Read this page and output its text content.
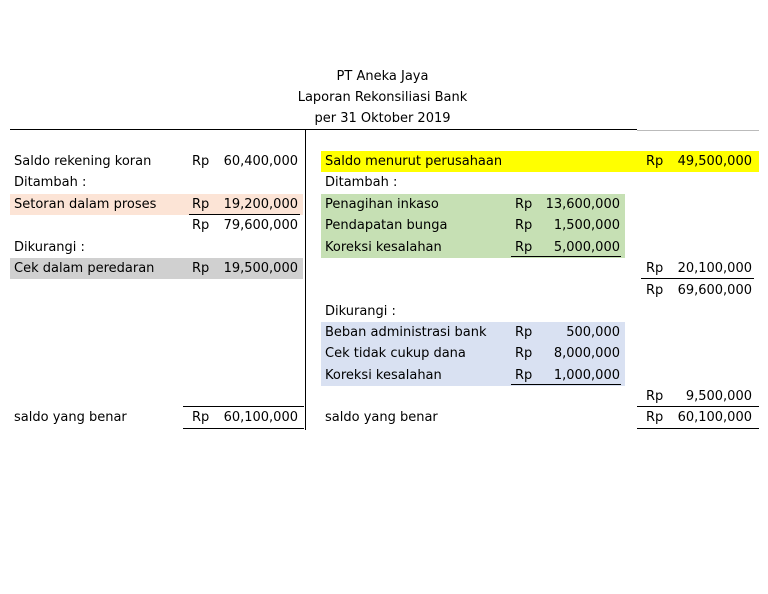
PT Aneka Jaya
Laporan Rekonsiliasi Bank
per 31 Oktober 2019
Saldo rekening koran	Rp	60,400,000
Ditambah :
Setoran dalam proses	Rp	19,200,000
Rp	79,600,000
Dikurangi :
Cek dalam peredaran	Rp	19,500,000
saldo yang benar	Rp	60,100,000
Saldo menurut perusahaan	Rp	49,500,000
Ditambah :
Penagihan inkaso	Rp	13,600,000
Pendapatan bunga	Rp	1,500,000
Koreksi kesalahan	Rp	5,000,000
Rp	20,100,000
Rp	69,600,000
Dikurangi :
Beban administrasi bank Rp	500,000
Cek tidak cukup dana	Rp	8,000,000
Koreksi kesalahan	Rp	1,000,000
Rp	9,500,000
saldo yang benar	Rp	60,100,000
